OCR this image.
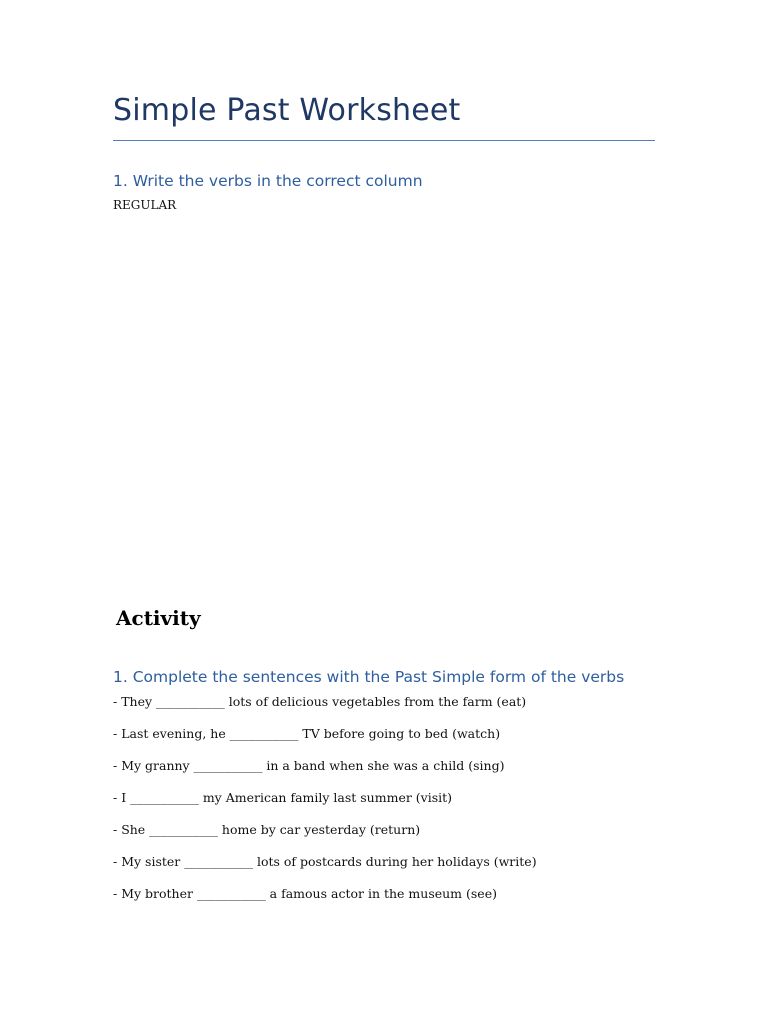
Simple Past Worksheet
1. Write the verbs in the correct column
REGULAR
Activity
1. Complete the sentences with the Past Simple form of the verbs
- They ___________ lots of delicious vegetables from the farm (eat)
- Last evening, he ___________ TV before going to bed (watch)
- My granny ___________ in a band when she was a child (sing)
- I ___________ my American family last summer (visit)
- She ___________ home by car yesterday (return)
- My sister ___________ lots of postcards during her holidays (write)
- My brother ___________ a famous actor in the museum (see)
